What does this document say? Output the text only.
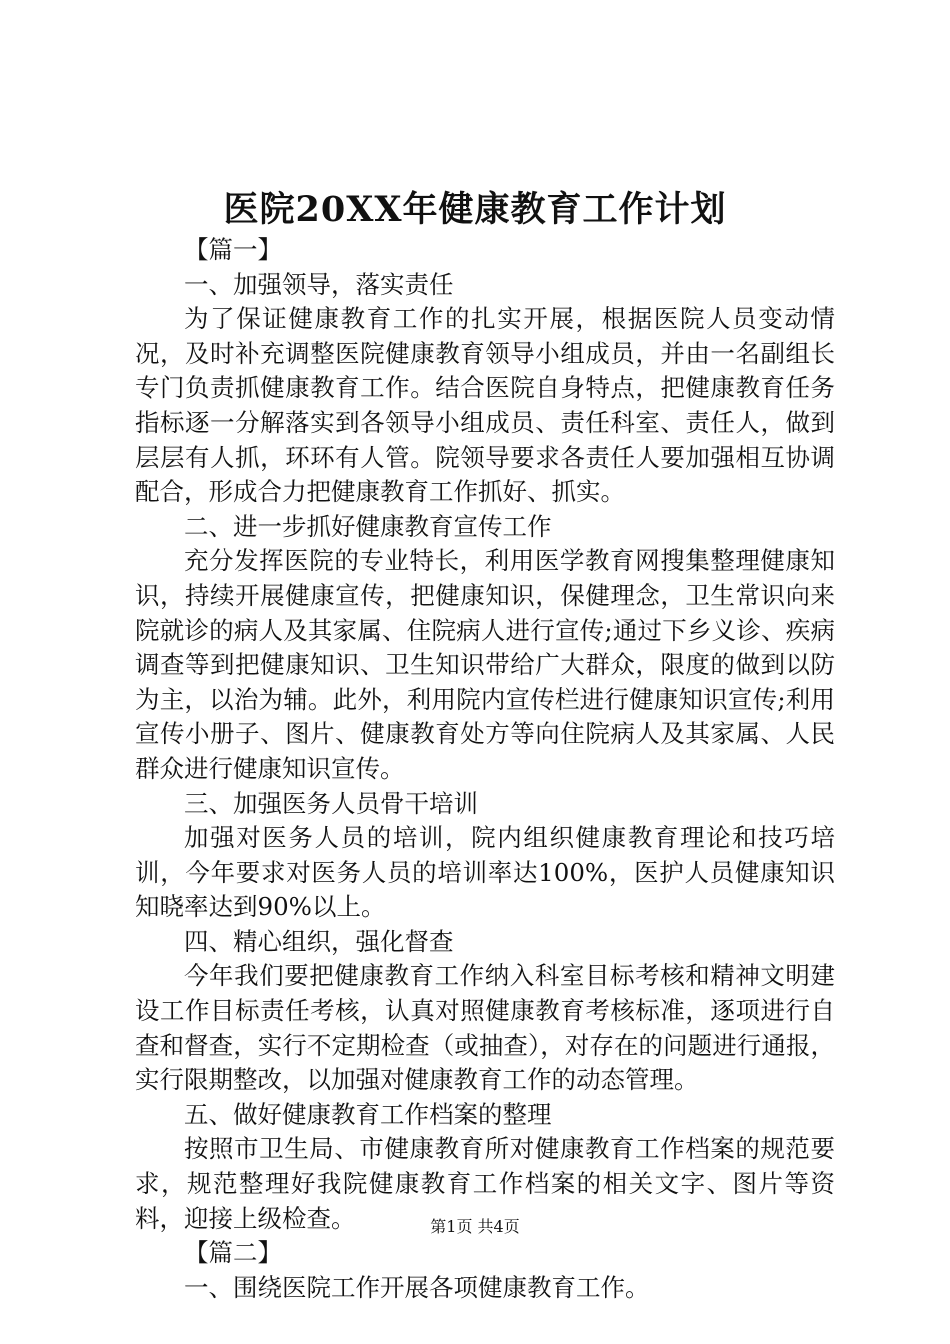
医院20XX年健康教育工作计划

【篇一】

一、加强领导，落实责任

为了保证健康教育工作的扎实开展，根据医院人员变动情况，及时补充调整医院健康教育领导小组成员，并由一名副组长专门负责抓健康教育工作。结合医院自身特点，把健康教育任务指标逐一分解落实到各领导小组成员、责任科室、责任人，做到层层有人抓，环环有人管。院领导要求各责任人要加强相互协调配合，形成合力把健康教育工作抓好、抓实。

二、进一步抓好健康教育宣传工作

充分发挥医院的专业特长，利用医学教育网搜集整理健康知识，持续开展健康宣传，把健康知识，保健理念，卫生常识向来院就诊的病人及其家属、住院病人进行宣传;通过下乡义诊、疾病调查等到把健康知识、卫生知识带给广大群众，限度的做到以防为主，以治为辅。此外，利用院内宣传栏进行健康知识宣传;利用宣传小册子、图片、健康教育处方等向住院病人及其家属、人民群众进行健康知识宣传。

三、加强医务人员骨干培训

加强对医务人员的培训，院内组织健康教育理论和技巧培训，今年要求对医务人员的培训率达100%，医护人员健康知识知晓率达到90%以上。

四、精心组织，强化督查

今年我们要把健康教育工作纳入科室目标考核和精神文明建设工作目标责任考核，认真对照健康教育考核标准，逐项进行自查和督查，实行不定期检查（或抽查），对存在的问题进行通报，实行限期整改，以加强对健康教育工作的动态管理。

五、做好健康教育工作档案的整理

按照市卫生局、市健康教育所对健康教育工作档案的规范要求，规范整理好我院健康教育工作档案的相关文字、图片等资料，迎接上级检查。

【篇二】

一、围绕医院工作开展各项健康教育工作。

第1页 共4页
